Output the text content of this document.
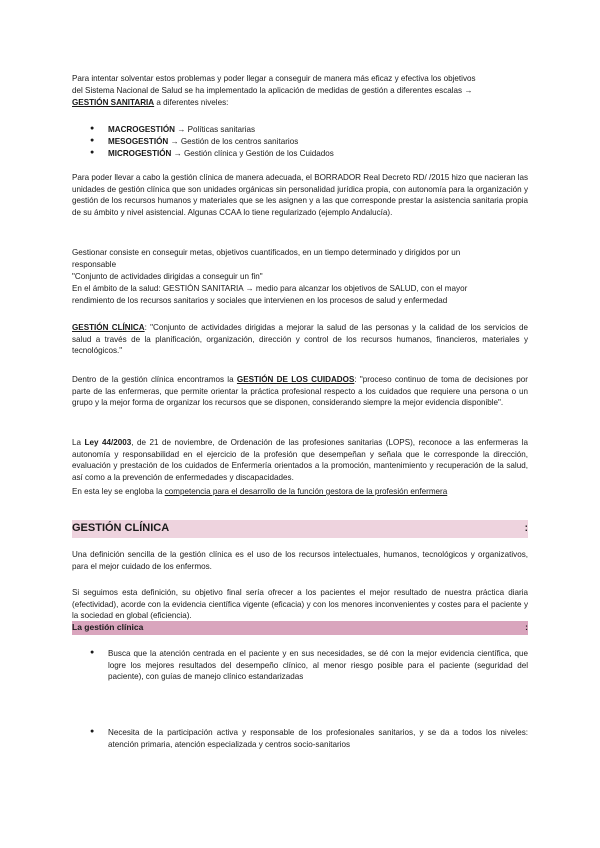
Para intentar solventar estos problemas y poder llegar a conseguir de manera más eficaz y efectiva los objetivos

del Sistema Nacional de Salud se ha implementado la aplicación de medidas de gestión a diferentes escalas →

GESTIÓN SANITARIA a diferentes niveles:

● MACROGESTIÓN → Políticas sanitarias

● MESOGESTIÓN → Gestión de los centros sanitarios

● MICROGESTIÓN → Gestión clínica y Gestión de los Cuidados

Para poder llevar a cabo la gestión clínica de manera adecuada, el BORRADOR Real Decreto RD/ /2015 hizo que nacieran las unidades de gestión clínica que son unidades orgánicas sin personalidad jurídica propia, con autonomía para la organización y gestión de los recursos humanos y materiales que se les asignen y a las que corresponde prestar la asistencia sanitaria propia de su ámbito y nivel asistencial. Algunas CCAA lo tiene regularizado (ejemplo Andalucía).

Gestionar consiste en conseguir metas, objetivos cuantificados, en un tiempo determinado y dirigidos por un

responsable

"Conjunto de actividades dirigidas a conseguir un fin"

En el ámbito de la salud: GESTIÓN SANITARIA → medio para alcanzar los objetivos de SALUD, con el mayor

rendimiento de los recursos sanitarios y sociales que intervienen en los procesos de salud y enfermedad

GESTIÓN CLÍNICA: "Conjunto de actividades dirigidas a mejorar la salud de las personas y la calidad de los servicios de salud a través de la planificación, organización, dirección y control de los recursos humanos, financieros, materiales y tecnológicos."

Dentro de la gestión clínica encontramos la GESTIÓN DE LOS CUIDADOS: "proceso continuo de toma de decisiones por parte de las enfermeras, que permite orientar la práctica profesional respecto a los cuidados que requiere una persona o un grupo y la mejor forma de organizar los recursos que se disponen, considerando siempre la mejor evidencia disponible".

La Ley 44/2003, de 21 de noviembre, de Ordenación de las profesiones sanitarias (LOPS), reconoce a las enfermeras la autonomía y responsabilidad en el ejercicio de la profesión que desempeñan y señala que le corresponde la dirección, evaluación y prestación de los cuidados de Enfermería orientados a la promoción, mantenimiento y recuperación de la salud, así como a la prevención de enfermedades y discapacidades.

En esta ley se engloba la competencia para el desarrollo de la función gestora de la profesión enfermera

GESTIÓN CLÍNICA	:

Una definición sencilla de la gestión clínica es el uso de los recursos intelectuales, humanos, tecnológicos y organizativos, para el mejor cuidado de los enfermos.

Si seguimos esta definición, su objetivo final sería ofrecer a los pacientes el mejor resultado de nuestra práctica diaria (efectividad), acorde con la evidencia científica vigente (eficacia) y con los menores inconvenientes y costes para el paciente y la sociedad en global (eficiencia).

La gestión clínica	:
● Busca que la atención centrada en el paciente y en sus necesidades, se dé con la mejor evidencia científica, que logre los mejores resultados del desempeño clínico, al menor riesgo posible para el paciente (seguridad del paciente), con guías de manejo clínico estandarizadas

● Necesita de la participación activa y responsable de los profesionales sanitarios, y se da a todos los niveles: atención primaria, atención especializada y centros socio-sanitarios
